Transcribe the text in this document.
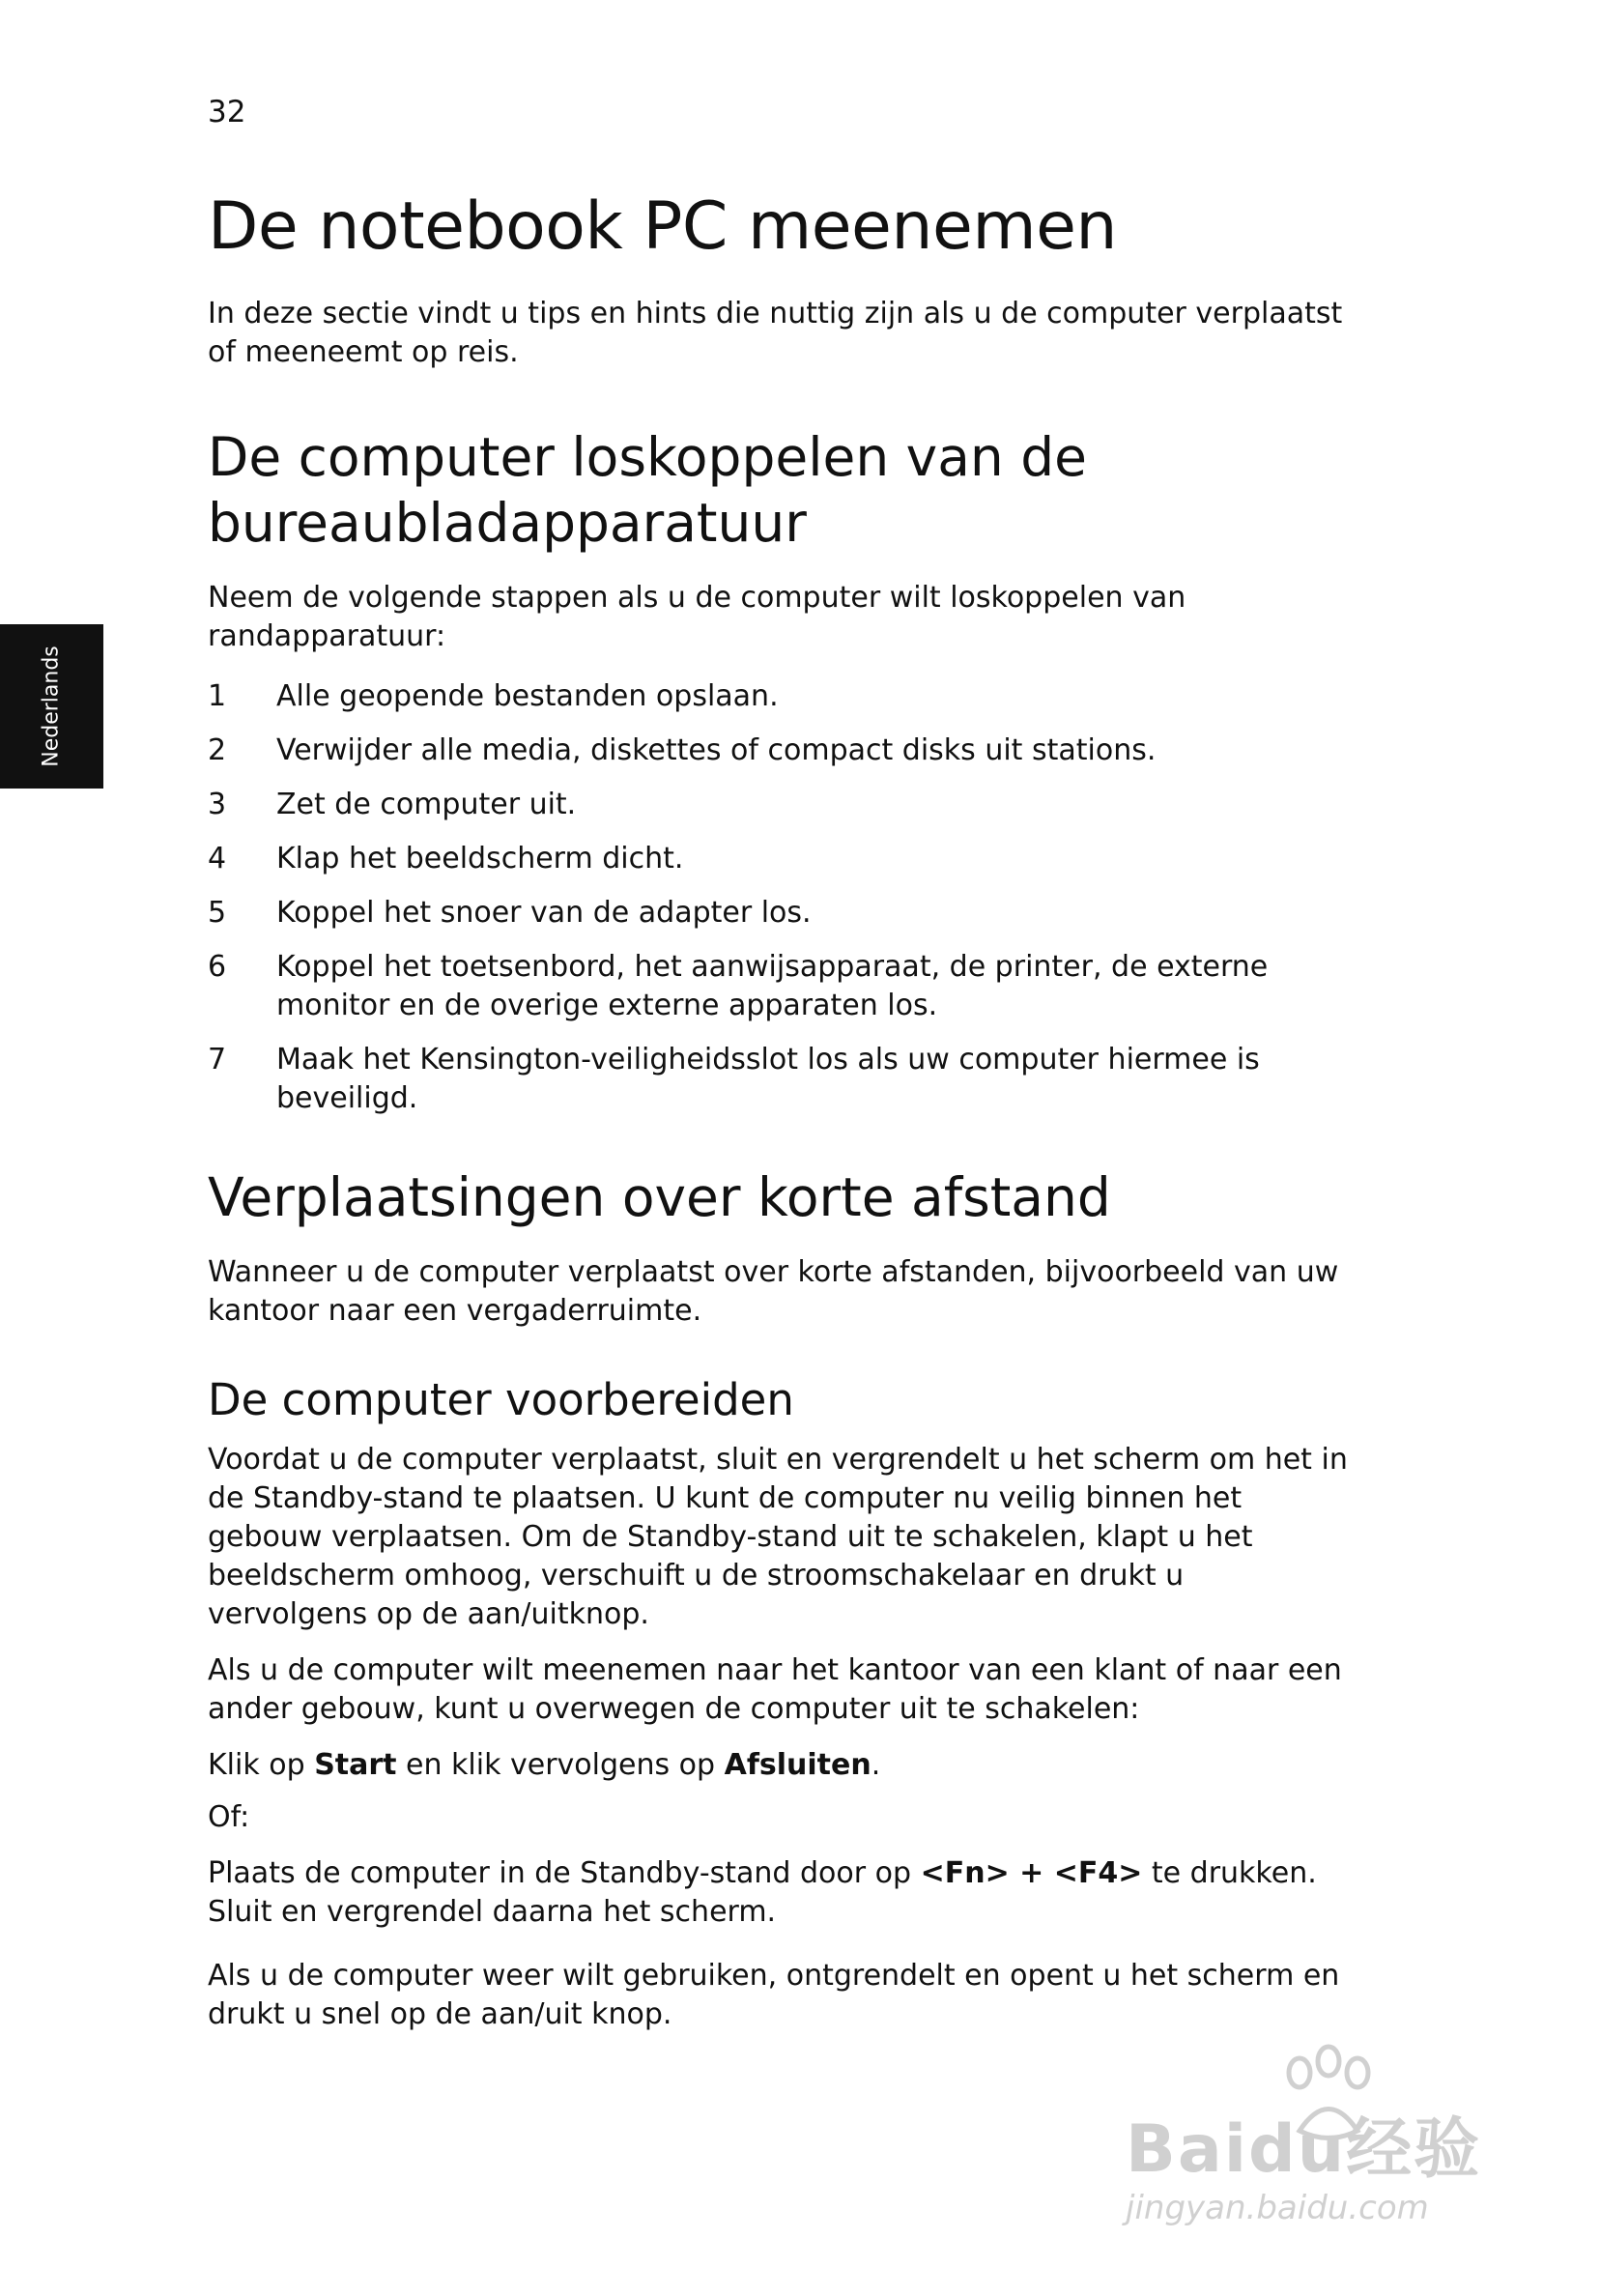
32
Nederlands
De notebook PC meenemen

In deze sectie vindt u tips en hints die nuttig zijn als u de computer verplaatst of meeneemt op reis.

De computer loskoppelen van de bureaubladapparatuur

Neem de volgende stappen als u de computer wilt loskoppelen van randapparatuur:

1	Alle geopende bestanden opslaan.
2	Verwijder alle media, diskettes of compact disks uit stations.
3	Zet de computer uit.
4	Klap het beeldscherm dicht.
5	Koppel het snoer van de adapter los.
6	Koppel het toetsenbord, het aanwijsapparaat, de printer, de externe monitor en de overige externe apparaten los.
7	Maak het Kensington-veiligheidsslot los als uw computer hiermee is beveiligd.
Verplaatsingen over korte afstand

Wanneer u de computer verplaatst over korte afstanden, bijvoorbeeld van uw kantoor naar een vergaderruimte.

De computer voorbereiden

Voordat u de computer verplaatst, sluit en vergrendelt u het scherm om het in de Standby-stand te plaatsen. U kunt de computer nu veilig binnen het gebouw verplaatsen. Om de Standby-stand uit te schakelen, klapt u het beeldscherm omhoog, verschuift u de stroomschakelaar en drukt u vervolgens op de aan/uitknop.

Als u de computer wilt meenemen naar het kantoor van een klant of naar een ander gebouw, kunt u overwegen de computer uit te schakelen:

Klik op Start en klik vervolgens op Afsluiten.

Of:

Plaats de computer in de Standby-stand door op <Fn> + <F4> te drukken. Sluit en vergrendel daarna het scherm.

Als u de computer weer wilt gebruiken, ontgrendelt en opent u het scherm en drukt u snel op de aan/uit knop.

Baidu经验
jingyan.baidu.com
